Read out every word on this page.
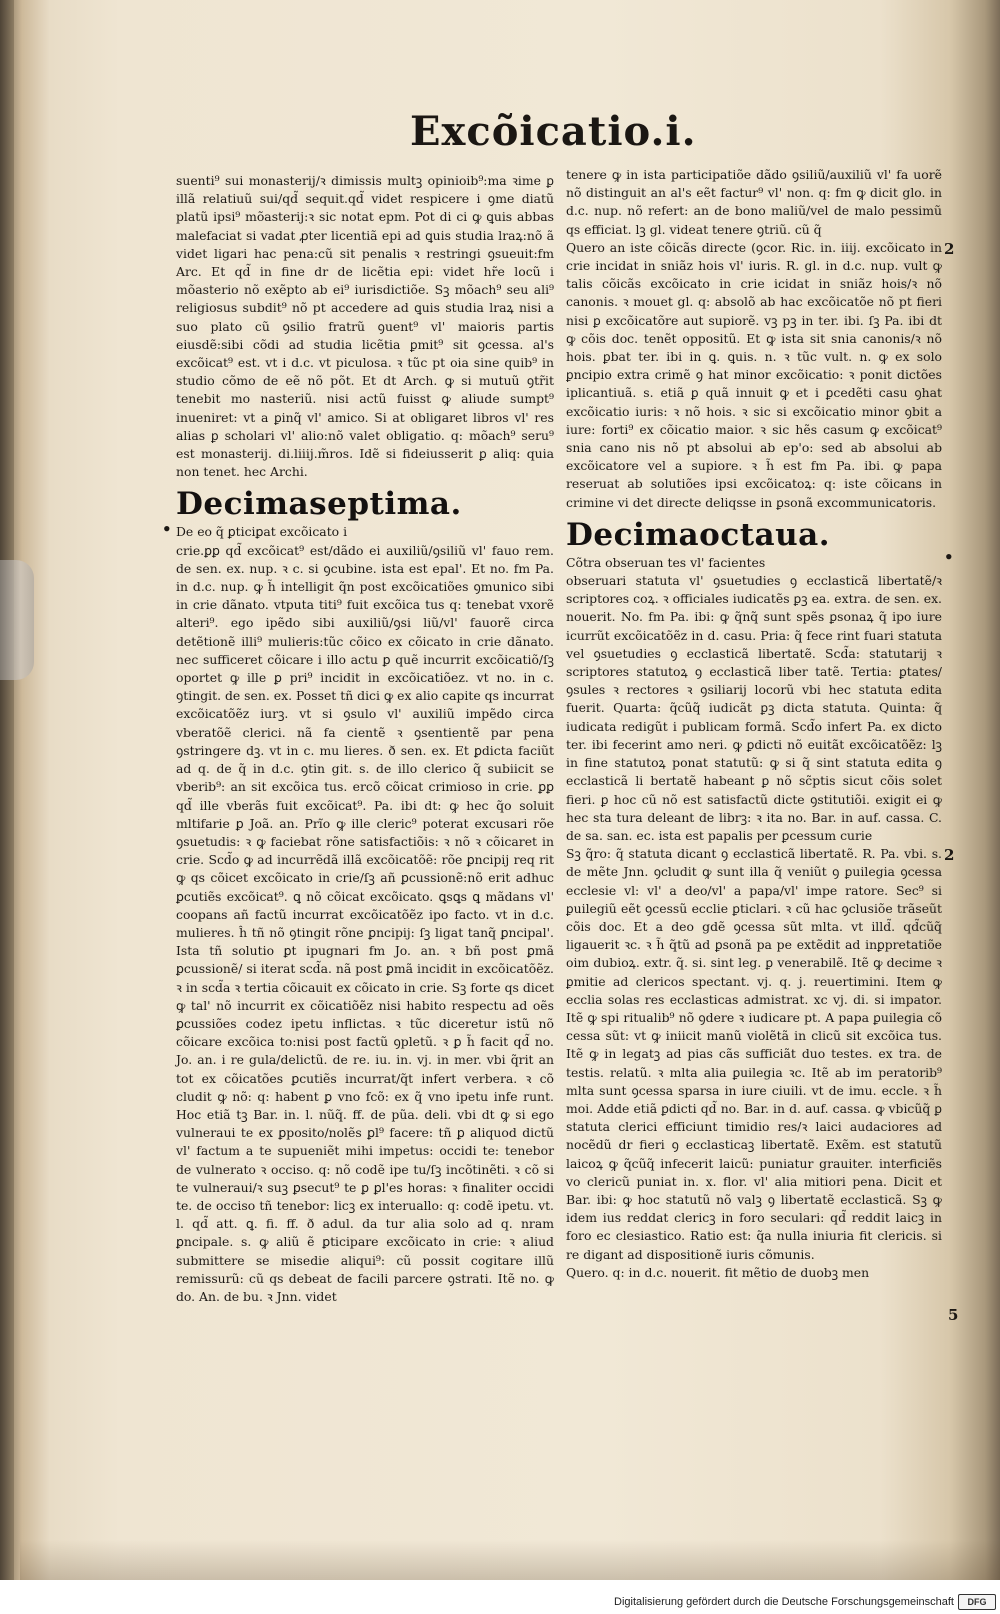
Excõicatio.i.

suenti⁹ sui monasterij/ꝛ dimissis multꝫ opinioib⁹:ma ꝛime ꝑ illã relatiuũ sui/qd̃ sequit.qd̃ videt respicere i ꝯme diatũ platũ ipsi⁹ mõasterij:ꝛ sic notat epm. Pot di ci ꝙ ꝗuis abbas malefaciat si vadat ꝓter licentiã epi ad ꝗuis studia lraꝝ:nõ ã videt ligari hac pena:cũ sit penalis ꝛ restringi ꝯsueuit:fm Arc. Et qd̃ in fine dr de licẽtia epi: videt hr̃e locũ i mõasterio nõ exẽpto ab ei⁹ iurisdictiõe. Sꝫ mõach⁹ seu ali⁹ religiosus subdit⁹ nõ pt accedere ad ꝗuis studia lraꝝ nisi a suo plato cũ ꝯsilio fratrũ ꝯuent⁹ vl' maioris partis eiusdẽ:sibi cõdi ad studia licẽtia ꝑmit⁹ sit ꝯcessa. al's excõicat⁹ est. vt i d.c. vt piculosa. ꝛ tũc pt oia sine quib⁹ in studio cõmo de eẽ nõ põt. Et dt Arch. ꝙ si mutuũ ꝯtr̃it tenebit mo nasteriũ. nisi actũ fuisst ꝙ aliude sumpt⁹ inueniret: vt a ꝑinq̃ vl' amico. Si at obligaret libros vl' res alias ꝑ scholari vl' alio:nõ valet obligatio. q: mõach⁹ seru⁹ est monasterij. di.liiij.m̃ros. Idẽ si fideiusserit ꝑ aliq: quia non tenet. hec Archi.

Decimaseptima.
De eo q̃ ꝑticiꝑat excõicato i

crie.ꝑꝑ qd̃ excõicat⁹ est/dãdo ei auxiliũ/ꝯsiliũ vl' fauo rem. de sen. ex. nup. ꝛ c. si ꝯcubine. ista est epal'. Et no. fm Pa. in d.c. nup. ꝙ h̃ intelligit q̃n post excõicatiões ꝯmunico sibi in crie dãnato. vtputa titi⁹ fuit excõica tus q: tenebat vxorẽ alteri⁹. ego ipẽdo sibi auxiliũ/ꝯsi liũ/vl' fauorẽ circa detẽtionẽ illi⁹ mulieris:tũc cõico ex cõicato in crie dãnato. nec sufficeret cõicare i illo actu ꝑ quẽ incurrit excõicatiõ/ſꝫ oportet ꝙ ille ꝑ pri⁹ incidit in excõicatiõez. vt no. in c. ꝯtingit. de sen. ex. Posset tñ dici ꝙ ex alio capite qs incurrat excõicatõẽz iurꝫ. vt si ꝯsulo vl' auxiliũ impẽdo circa vberatõẽ clerici. nã fa cientẽ ꝛ ꝯsentientẽ par pena ꝯstringere dꝫ. vt in c. mu lieres. ð sen. ex. Et ꝑdicta faciũt ad q. de q̃ in d.c. ꝯtin git. s. de illo clerico q̃ subiicit se vberib⁹: an sit excõica tus. ercõ cõicat crimioso in crie. ꝑꝑ qd̃ ille vberãs fuit excõicat⁹. Pa. ibi dt: ꝙ hec q̃o soluit mltifarie ꝑ Joã. an. Prĩo ꝙ ille cleric⁹ poterat excusari rõe ꝯsuetudis: ꝛ ꝙ faciebat rõne satisfactiõis: ꝛ nõ ꝛ cõicaret in crie. Scd̃o ꝙ ad incurrẽdã illã excõicatõẽ: rõe ꝑncipij req rit ꝙ qs cõicet excõicato in crie/ſꝫ añ ꝑcussionẽ:nõ erit adhuc ꝑcutiẽs excõicat⁹. ꝗ nõ cõicat excõicato. ꝗsꝗs ꝗ mãdans vl' coopans añ factũ incurrat excõicatõẽz ipo facto. vt in d.c. mulieres. ĥ tñ nõ ꝯtingit rõne ꝑncipij: ſꝫ ligat tanq̃ ꝑncipal'. Ista tñ solutio ꝑt ipugnari fm Jo. an. ꝛ bñ post ꝑmã ꝑcussionẽ/ si iterat scd̃a. nã post ꝑmã incidit in excõicatõẽz. ꝛ in scd̃a ꝛ tertia cõicauit ex cõicato in crie. Sꝫ forte qs dicet ꝙ tal' nõ incurrit ex cõicatiõẽz nisi habito respectu ad oẽs ꝑcussiões codez ipetu inflictas. ꝛ tũc diceretur istũ nõ cõicare excõica to:nisi post factũ ꝯpletũ. ꝛ ꝑ h̃ facit qd̃ no. Jo. an. i re gula/delictũ. de re. iu. in. vj. in mer. vbi q̃rit an tot ex cõicatões ꝑcutiẽs incurrat/q̃t infert verbera. ꝛ cõ cludit ꝙ nõ: q: habent ꝑ vno fcõ: ex q̃ vno ipetu infe runt. Hoc etiã tꝫ Bar. in. l. nũq̃. ff. de pũa. deli. vbi dt ꝙ si ego vulneraui te ex ꝑposito/nolẽs ꝑl⁹ facere: tñ ꝑ aliquod dictũ vl' factum a te supueniẽt mihi impetus: occidi te: tenebor de vulnerato ꝛ occiso. q: nõ codẽ ipe tu/ſꝫ incõtinẽti. ꝛ cõ si te vulneraui/ꝛ suꝫ ꝑsecut⁹ te ꝑ ꝑl'es horas: ꝛ finaliter occidi te. de occiso tñ tenebor: licꝫ ex interuallo: q: codẽ ipetu. vt. l. qd̃ att. ꝗ. fi. ff. ð adul. da tur alia solo ad q. nram ꝑncipale. s. ꝙ aliũ ẽ ꝑticipare excõicato in crie: ꝛ aliud submittere se misedie aliqui⁹: cũ possit cogitare illũ remissurũ: cũ qs debeat de facili parcere ꝯstrati. Itẽ no. ꝙ do. An. de bu. ꝛ Jnn. videt

tenere ꝙ in ista participatiõe dãdo ꝯsiliũ/auxiliũ vl' fa uorẽ nõ distinguit an al's eẽt factur⁹ vl' non. q: fm ꝙ dicit glo. in d.c. nup. nõ refert: an de bono maliũ/vel de malo pessimũ qs efficiat. lꝫ gl. videat tenere ꝯtriũ. cũ q̃

Quero an iste cõicãs directe (ꝯcor. Ric. in. iiij. excõicato in crie incidat in sniãz hois vl' iuris. R. gl. in d.c. nup. vult ꝙ talis cõicãs excõicato in crie icidat in sniãz hois/ꝛ nõ canonis. ꝛ mouet gl. q: absolõ ab hac excõicatõe nõ pt fieri nisi ꝑ excõicatõre aut supiorẽ. vꝫ pꝫ in ter. ibi. ſꝫ Pa. ibi dt ꝙ cõis doc. tenẽt oppositũ. Et ꝙ ista sit snia canonis/ꝛ nõ hois. ꝑbat ter. ibi in ꝗ. ꝗuis. n. ꝛ tũc vult. n. ꝙ ex solo ꝑncipio extra crimẽ ꝯ hat minor excõicatio: ꝛ ponit dictões iplicantiuã. s. etiã ꝑ quã innuit ꝙ et i ꝑcedẽti casu ꝯhat excõicatio iuris: ꝛ nõ hois. ꝛ sic si excõicatio minor ꝯbit a iure: forti⁹ ex cõicatio maior. ꝛ sic hẽs casum ꝙ excõicat⁹ snia cano nis nõ pt absolui ab ep'o: sed ab absolui ab excõicatore vel a supiore. ꝛ h̃ est fm Pa. ibi. ꝙ papa reseruat ab solutiões ipsi excõicatoꝝ: q: iste cõicans in crimine vi det directe deliqsse in ꝑsonã excommunicatoris.

Decimaoctaua.
Cõtra obseruan tes vl' facientes

obseruari statuta vl' ꝯsuetudies ꝯ ecclasticã libertatẽ/ꝛ scriptores coꝝ. ꝛ officiales iudicatẽs ꝑꝫ ea. extra. de sen. ex. nouerit. No. fm Pa. ibi: ꝙ q̃nq̃ sunt spẽs ꝑsonaꝝ q̃ ipo iure icurrũt excõicatõẽz in d. casu. Pria: q̃ fece rint fuari statuta vel ꝯsuetudies ꝯ ecclasticã libertatẽ. Scd̃a: statutarij ꝛ scriptores statutoꝝ ꝯ ecclasticã liber tatẽ. Tertia: ꝑtates/ꝯsules ꝛ rectores ꝛ ꝯsiliarij locorũ vbi hec statuta edita fuerit. Quarta: q̃cũq̃ iudicãt ꝑꝫ dicta statuta. Quinta: q̃ iudicata redigũt i publicam formã. Scd̃o infert Pa. ex dicto ter. ibi fecerint amo neri. ꝙ ꝑdicti nõ euitãt excõicatõẽz: lꝫ in fine statutoꝝ ponat statutũ: ꝙ si q̃ sint statuta edita ꝯ ecclasticã li bertatẽ habeant ꝑ nõ sc̃ptis sicut cõis solet fieri. ꝑ hoc cũ nõ est satisfactũ dicte ꝯstitutiõi. exigit ei ꝙ hec sta tura deleant de librꝫ: ꝛ ita no. Bar. in auf. cassa. C. de sa. san. ec. ista est papalis per ꝑcessum curie

Sꝫ q̃ro: q̃ statuta dicant ꝯ ecclasticã libertatẽ. R. Pa. vbi. s. de mẽte Jnn. ꝯcludit ꝙ sunt illa q̃ veniũt ꝯ ꝑuilegia ꝯcessa ecclesie vl: vl' a deo/vl' a papa/vl' impe ratore. Sec⁹ si ꝑuilegiũ eẽt ꝯcessũ ecclie ꝑticlari. ꝛ cũ hac ꝯclusiõe trãseũt cõis doc. Et a deo gdẽ ꝯcessa sũt mlta. vt illd̃. qd̃cũq̃ ligauerit ꝛc. ꝛ h̃ q̃tũ ad ꝑsonã pa pe extẽdit ad inꝑpretatiõe oim dubioꝝ. extr. q̃. si. sint leg. ꝑ venerabilẽ. Itẽ ꝙ decime ꝛ ꝑmitie ad clericos spectant. vj. q. j. reuertimini. Item ꝙ ecclia solas res ecclasticas admistrat. xc vj. di. si impator. Itẽ ꝙ spi ritualib⁹ nõ ꝯdere ꝛ iudicare pt. A papa ꝑuilegia cõ cessa sũt: vt ꝙ iniicit manũ violẽtã in clicũ sit excõica tus. Itẽ ꝙ in legatꝫ ad pias cãs sufficiãt duo testes. ex tra. de testis. relatũ. ꝛ mlta alia ꝑuilegia ꝛc. Itẽ ab im peratorib⁹ mlta sunt ꝯcessa sparsa in iure ciuili. vt de imu. eccle. ꝛ h̃ moi. Adde etiã ꝑdicti qd̃ no. Bar. in d. auf. cassa. ꝙ vbicũq̃ ꝑ statuta clerici efficiunt timidio res/ꝛ laici audaciores ad nocẽdũ dr fieri ꝯ ecclasticaꝫ libertatẽ. Exẽm. est statutũ laicoꝝ ꝙ q̃cũq̃ infecerit laicũ: puniatur grauiter. interficiẽs vo clericũ puniat in. x. flor. vl' alia mitiori pena. Dicit et Bar. ibi: ꝙ hoc statutũ nõ valꝫ ꝯ libertatẽ ecclasticã. Sꝫ ꝙ idem ius reddat clericꝫ in foro seculari: qd̃ reddit laicꝫ in foro ec clesiastico. Ratio est: q̃a nulla iniuria fit clericis. si re digant ad dispositionẽ iuris cõmunis.

Quero. q: in d.c. nouerit. fit mẽtio de duobꝫ men

•
2
•
2
5
Digitalisierung gefördert durch die Deutsche Forschungsgemeinschaft	DFG
